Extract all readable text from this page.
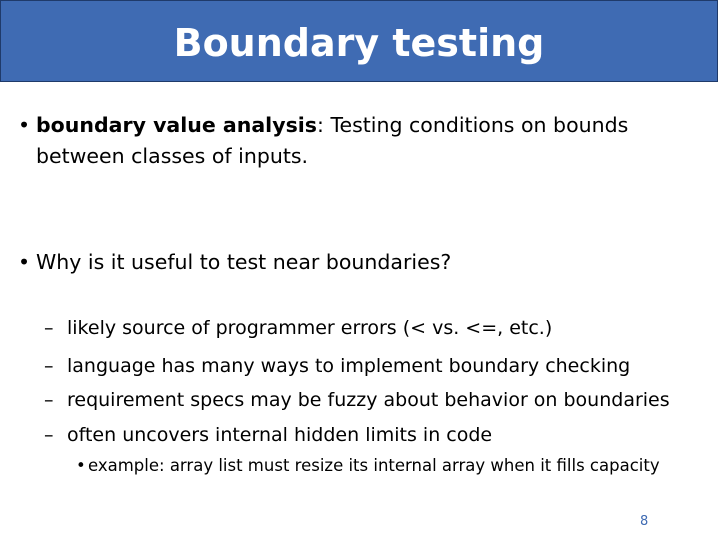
Boundary testing
• boundary value analysis: Testing conditions on bounds
between classes of inputs.
• Why is it useful to test near boundaries?
– likely source of programmer errors (< vs. <=, etc.)
– language has many ways to implement boundary checking
– requirement specs may be fuzzy about behavior on boundaries
– often uncovers internal hidden limits in code
• example: array list must resize its internal array when it fills capacity
8
